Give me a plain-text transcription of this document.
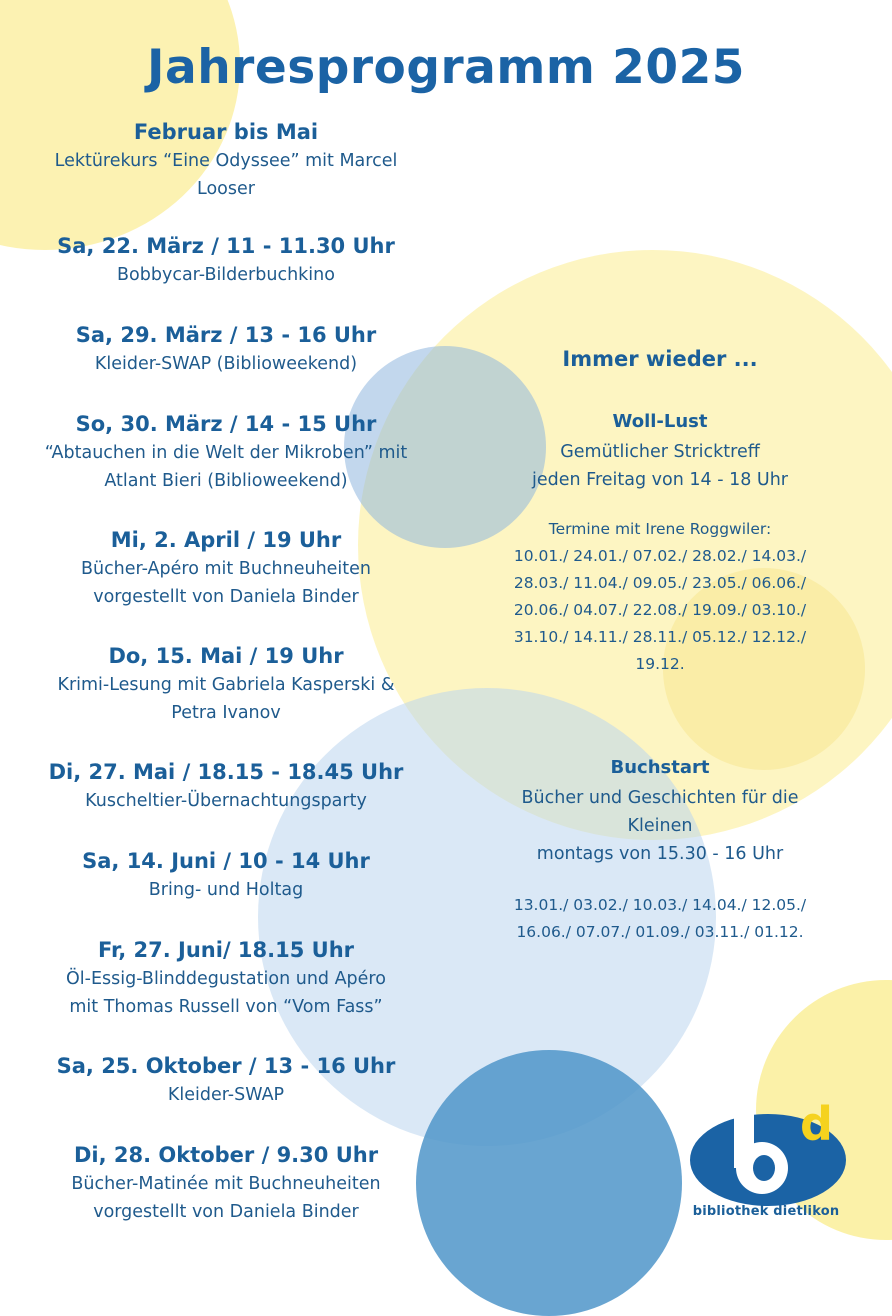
Jahresprogramm 2025
Februar bis Mai
Lektürekurs “Eine Odyssee” mit Marcel
Looser
Sa, 22. März / 11 - 11.30 Uhr
Bobbycar-Bilderbuchkino
Sa, 29. März / 13 - 16 Uhr
Kleider-SWAP (Biblioweekend)
So, 30. März / 14 - 15 Uhr
“Abtauchen in die Welt der Mikroben” mit
Atlant Bieri (Biblioweekend)
Mi, 2. April / 19 Uhr
Bücher-Apéro mit Buchneuheiten
vorgestellt von Daniela Binder
Do, 15. Mai / 19 Uhr
Krimi-Lesung mit Gabriela Kasperski &
Petra Ivanov
Di, 27. Mai / 18.15 - 18.45 Uhr
Kuscheltier-Übernachtungsparty
Sa, 14. Juni / 10 - 14 Uhr
Bring- und Holtag
Fr, 27. Juni/ 18.15 Uhr
Öl-Essig-Blinddegustation und Apéro
mit Thomas Russell von “Vom Fass”
Sa, 25. Oktober / 13 - 16 Uhr
Kleider-SWAP
Di, 28. Oktober / 9.30 Uhr
Bücher-Matinée mit Buchneuheiten
vorgestellt von Daniela Binder
Immer wieder ...
Woll-Lust
Gemütlicher Stricktreff
jeden Freitag von 14 - 18 Uhr
Termine mit Irene Roggwiler:
10.01./ 24.01./ 07.02./ 28.02./ 14.03./
28.03./ 11.04./ 09.05./ 23.05./ 06.06./
20.06./ 04.07./ 22.08./ 19.09./ 03.10./
31.10./ 14.11./ 28.11./ 05.12./ 12.12./
19.12.
Buchstart
Bücher und Geschichten für die
Kleinen
montags von 15.30 - 16 Uhr
13.01./ 03.02./ 10.03./ 14.04./ 12.05./
16.06./ 07.07./ 01.09./ 03.11./ 01.12.
d
bibliothek dietlikon
